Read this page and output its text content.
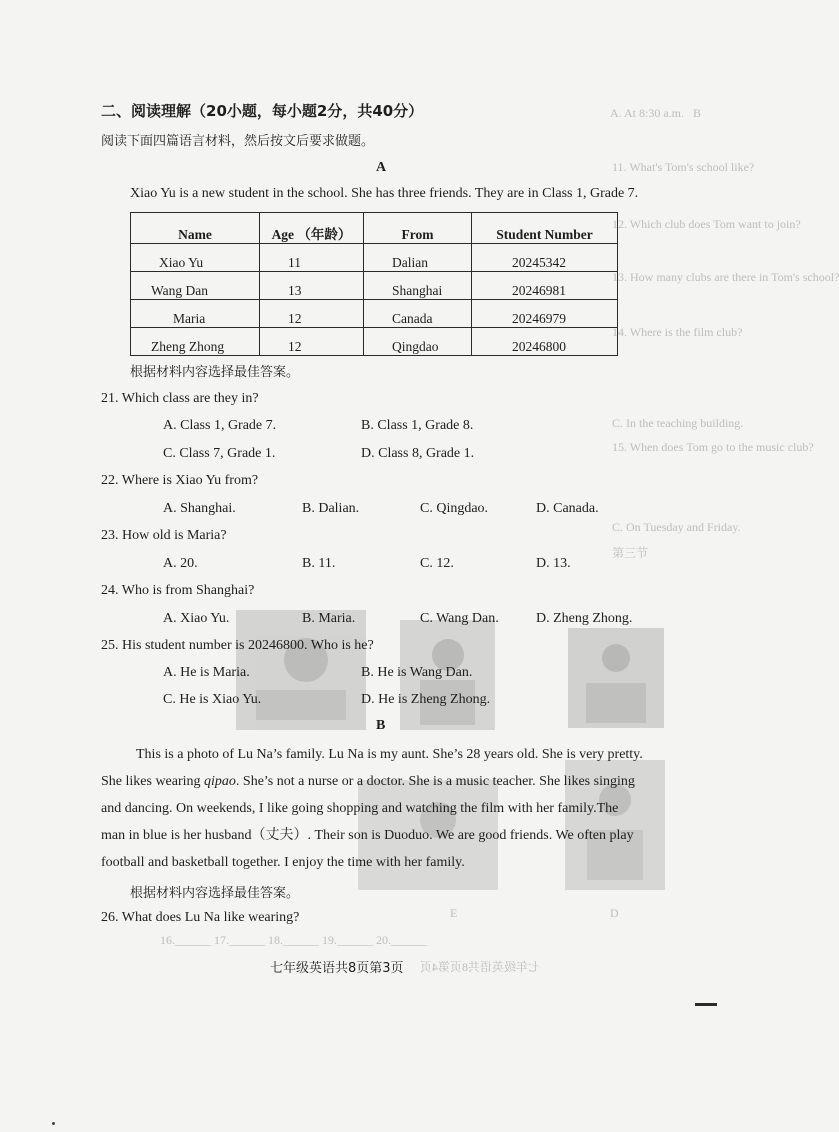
A. At 8:30 a.m.   B
11. What's Tom's school like?
12. Which club does Tom want to join?
13. How many clubs are there in Tom's school?
14. Where is the film club?
C. In the teaching building.
15. When does Tom go to the music club?
C. On Tuesday and Friday.
第三节
16.______ 17.______ 18.______ 19.______ 20.______
D
E
二、阅读理解（20小题，每小题2分，共40分）
阅读下面四篇语言材料，然后按文后要求做题。
A
Xiao Yu is a new student in the school. She has three friends. They are in Class 1, Grade 7.
Name	Age （年龄）	From	Student Number
Xiao Yu	11	Dalian	20245342
Wang Dan	13	Shanghai	20246981
Maria	12	Canada	20246979
Zheng Zhong	12	Qingdao	20246800
根据材料内容选择最佳答案。
21. Which class are they in?
A. Class 1, Grade 7.	B. Class 1, Grade 8.
C. Class 7, Grade 1.	D. Class 8, Grade 1.
22. Where is Xiao Yu from?
A. Shanghai.	B. Dalian.	C. Qingdao.	D. Canada.
23. How old is Maria?
A. 20.	B. 11.	C. 12.	D. 13.
24. Who is from Shanghai?
A. Xiao Yu.	B. Maria.	C. Wang Dan.	D. Zheng Zhong.
25. His student number is 20246800. Who is he?
A. He is Maria.	B. He is Wang Dan.
C. He is Xiao Yu.	D. He is Zheng Zhong.
B
This is a photo of Lu Na’s family. Lu Na is my aunt. She’s 28 years old. She is very pretty.
She likes wearing qipao. She’s not a nurse or a doctor. She is a music teacher. She likes singing
and dancing. On weekends, I like going shopping and watching the film with her family.The
man in blue is her husband（丈夫）. Their son is Duoduo. We are good friends. We often play
football and basketball together. I enjoy the time with her family.
根据材料内容选择最佳答案。
26. What does Lu Na like wearing?
七年级英语共8页第3页 七年级英语共8页第4页
